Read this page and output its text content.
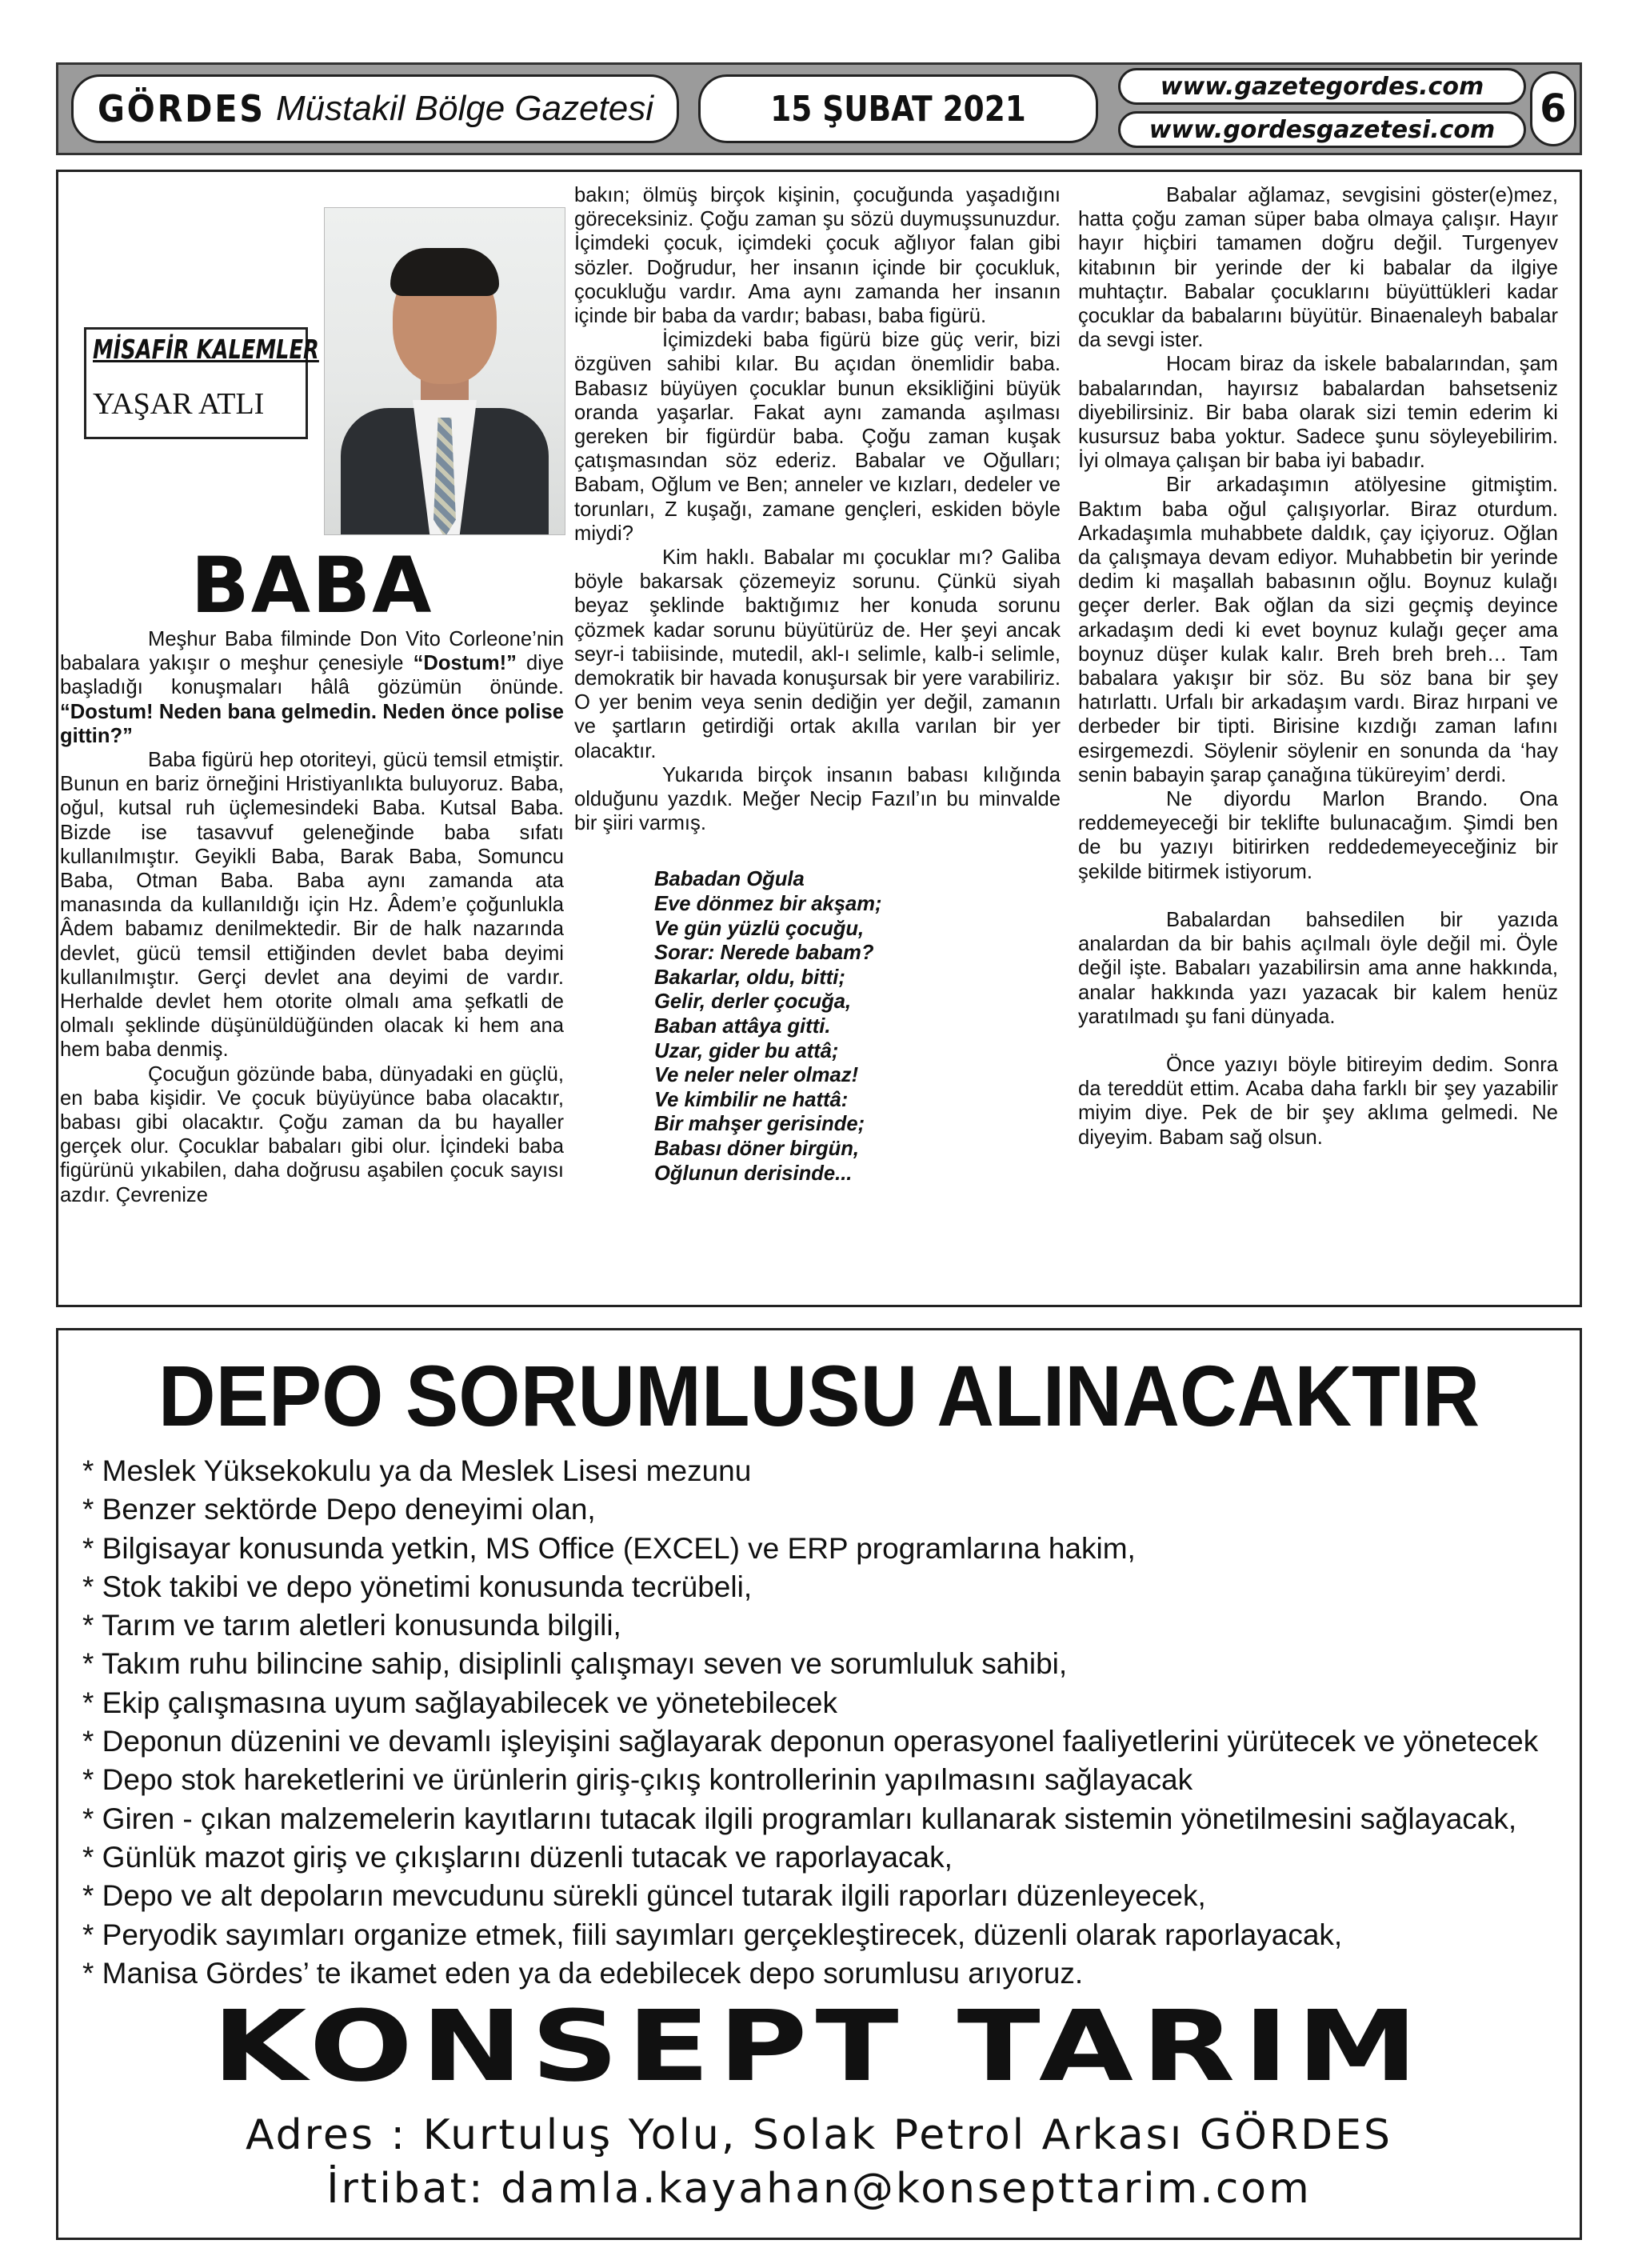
GÖRDES Müstakil Bölge Gazetesi	15 ŞUBAT 2021
www.gazetegordes.com
www.gordesgazetesi.com 6
MİSAFİR KALEMLER
YAŞAR ATLI
BABA

Meşhur Baba filminde Don Vito Corleone’nin babalara yakışır o meşhur çenesiyle “Dostum!” diye başladığı konuşmaları hâlâ gözümün önünde. “Dostum! Neden bana gelmedin. Neden önce polise gittin?”

Baba figürü hep otoriteyi, gücü temsil etmiştir. Bunun en bariz örneğini Hristiyanlıkta buluyoruz. Baba, oğul, kutsal ruh üçlemesindeki Baba. Kutsal Baba. Bizde ise tasavvuf geleneğinde baba sıfatı kullanılmıştır. Geyikli Baba, Barak Baba, Somuncu Baba, Otman Baba. Baba aynı zamanda ata manasında da kullanıldığı için Hz. Âdem’e çoğunlukla Âdem babamız denilmektedir. Bir de halk nazarında devlet, gücü temsil ettiğinden devlet baba deyimi kullanılmıştır. Gerçi devlet ana deyimi de vardır. Herhalde devlet hem otorite olmalı ama şefkatli de olmalı şeklinde düşünüldüğünden olacak ki hem ana hem baba denmiş.

Çocuğun gözünde baba, dünyadaki en güçlü, en baba kişidir. Ve çocuk büyüyünce baba olacaktır, babası gibi olacaktır. Çoğu zaman da bu hayaller gerçek olur. Çocuklar babaları gibi olur. İçindeki baba figürünü yıkabilen, daha doğrusu aşabilen çocuk sayısı azdır. Çevrenize

bakın; ölmüş birçok kişinin, çocuğunda yaşadığını göreceksiniz. Çoğu zaman şu sözü duymuşsunuzdur. İçimdeki çocuk, içimdeki çocuk ağlıyor falan gibi sözler. Doğrudur, her insanın içinde bir çocukluk, çocukluğu vardır. Ama aynı zamanda her insanın içinde bir baba da vardır; babası, baba figürü.

İçimizdeki baba figürü bize güç verir, bizi özgüven sahibi kılar. Bu açıdan önemlidir baba. Babasız büyüyen çocuklar bunun eksikliğini büyük oranda yaşarlar. Fakat aynı zamanda aşılması gereken bir figürdür baba. Çoğu zaman kuşak çatışmasından söz ederiz. Babalar ve Oğulları; Babam, Oğlum ve Ben; anneler ve kızları, dedeler ve torunları, Z kuşağı, zamane gençleri, eskiden böyle miydi?

Kim haklı. Babalar mı çocuklar mı? Galiba böyle bakarsak çözemeyiz sorunu. Çünkü siyah beyaz şeklinde baktığımız her konuda sorunu çözmek kadar sorunu büyütürüz de. Her şeyi ancak seyr-i tabiisinde, mutedil, akl-ı selimle, kalb-i selimle, demokratik bir havada konuşursak bir yere varabiliriz. O yer benim veya senin dediğin yer değil, zamanın ve şartların getirdiği ortak akılla varılan bir yer olacaktır.

Yukarıda birçok insanın babası kılığında olduğunu yazdık. Meğer Necip Fazıl’ın bu minvalde bir şiiri varmış.

Babadan Oğula
Eve dönmez bir akşam;
Ve gün yüzlü çocuğu,
Sorar: Nerede babam?
Bakarlar, oldu, bitti;
Gelir, derler çocuğa,
Baban attâya gitti.
Uzar, gider bu attâ;
Ve neler neler olmaz!
Ve kimbilir ne hattâ:
Bir mahşer gerisinde;
Babası döner birgün,
Oğlunun derisinde...

Babalar ağlamaz, sevgisini göster(e)mez, hatta çoğu zaman süper baba olmaya çalışır. Hayır hayır hiçbiri tamamen doğru değil. Turgenyev kitabının bir yerinde der ki babalar da ilgiye muhtaçtır. Babalar çocuklarını büyüttükleri kadar çocuklar da babalarını büyütür. Binaenaleyh babalar da sevgi ister.

Hocam biraz da iskele babalarından, şam babalarından, hayırsız babalardan bahsetseniz diyebilirsiniz. Bir baba olarak sizi temin ederim ki kusursuz baba yoktur. Sadece şunu söyleyebilirim. İyi olmaya çalışan bir baba iyi babadır.

Bir arkadaşımın atölyesine gitmiştim. Baktım baba oğul çalışıyorlar. Biraz oturdum. Arkadaşımla muhabbete daldık, çay içiyoruz. Oğlan da çalışmaya devam ediyor. Muhabbetin bir yerinde dedim ki maşallah babasının oğlu. Boynuz kulağı geçer derler. Bak oğlan da sizi geçmiş deyince arkadaşım dedi ki evet boynuz kulağı geçer ama boynuz düşer kulak kalır. Breh breh breh… Tam babalara yakışır bir söz. Bu söz bana bir şey hatırlattı. Urfalı bir arkadaşım vardı. Biraz hırpani ve derbeder bir tipti. Birisine kızdığı zaman lafını esirgemezdi. Söylenir söylenir en sonunda da ‘hay senin babayin şarap çanağına tüküreyim’ derdi.

Ne diyordu Marlon Brando. Ona reddemeyeceği bir teklifte bulunacağım. Şimdi ben de bu yazıyı bitirirken reddedemeyeceğiniz bir şekilde bitirmek istiyorum.

Babalardan bahsedilen bir yazıda analardan da bir bahis açılmalı öyle değil mi. Öyle değil işte. Babaları yazabilirsin ama anne hakkında, analar hakkında yazı yazacak bir kalem henüz yaratılmadı şu fani dünyada.

Önce yazıyı böyle bitireyim dedim. Sonra da tereddüt ettim. Acaba daha farklı bir şey yazabilir miyim diye. Pek de bir şey aklıma gelmedi. Ne diyeyim. Babam sağ olsun.

DEPO SORUMLUSU ALINACAKTIR
* Meslek Yüksekokulu ya da Meslek Lisesi mezunu
* Benzer sektörde Depo deneyimi olan,
* Bilgisayar konusunda yetkin, MS Office (EXCEL) ve ERP programlarına hakim,
* Stok takibi ve depo yönetimi konusunda tecrübeli,
* Tarım ve tarım aletleri konusunda bilgili,
* Takım ruhu bilincine sahip, disiplinli çalışmayı seven ve sorumluluk sahibi,
* Ekip çalışmasına uyum sağlayabilecek ve yönetebilecek
* Deponun düzenini ve devamlı işleyişini sağlayarak deponun operasyonel faaliyetlerini yürütecek ve yönetecek
* Depo stok hareketlerini ve ürünlerin giriş-çıkış kontrollerinin yapılmasını sağlayacak
* Giren - çıkan malzemelerin kayıtlarını tutacak ilgili programları kullanarak sistemin yönetilmesini sağlayacak,
* Günlük mazot giriş ve çıkışlarını düzenli tutacak ve raporlayacak,
* Depo ve alt depoların mevcudunu sürekli güncel tutarak ilgili raporları düzenleyecek,
* Peryodik sayımları organize etmek, fiili sayımları gerçekleştirecek, düzenli olarak raporlayacak,
* Manisa Gördes’ te ikamet eden ya da edebilecek depo sorumlusu arıyoruz.
KONSEPT TARIM
Adres : Kurtuluş Yolu, Solak Petrol Arkası GÖRDES
İrtibat: damla.kayahan@konsepttarim.com
